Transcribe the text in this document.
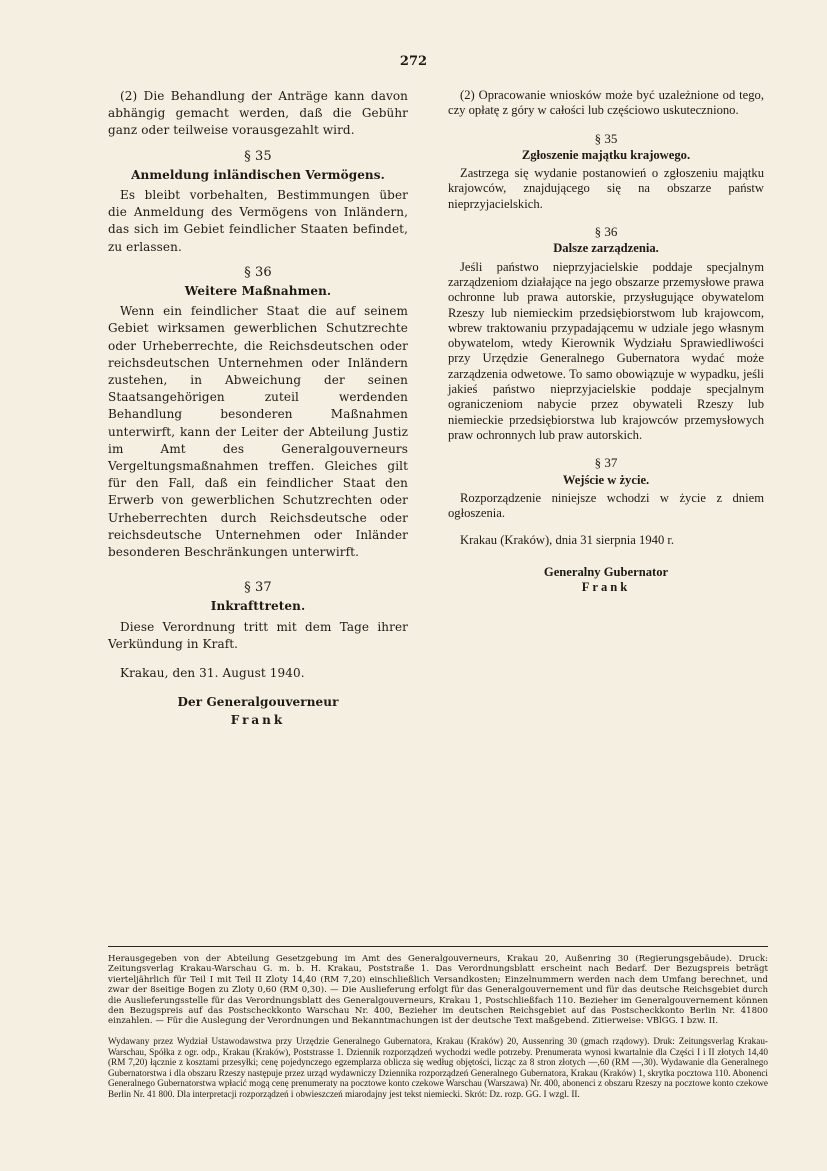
272

(2) Die Behandlung der Anträge kann davon abhängig gemacht werden, daß die Gebühr ganz oder teilweise vorausgezahlt wird.

§ 35
Anmeldung inländischen Vermögens.

Es bleibt vorbehalten, Bestimmungen über die Anmeldung des Vermögens von Inländern, das sich im Gebiet feindlicher Staaten befindet, zu erlassen.

§ 36
Weitere Maßnahmen.

Wenn ein feindlicher Staat die auf seinem Gebiet wirksamen gewerblichen Schutzrechte oder Urheberrechte, die Reichsdeutschen oder reichsdeutschen Unternehmen oder Inländern zustehen, in Abweichung der seinen Staatsangehörigen zuteil werdenden Behandlung besonderen Maßnahmen unterwirft, kann der Leiter der Abteilung Justiz im Amt des Generalgouverneurs Vergeltungsmaßnahmen treffen. Gleiches gilt für den Fall, daß ein feindlicher Staat den Erwerb von gewerblichen Schutzrechten oder Urheberrechten durch Reichsdeutsche oder reichsdeutsche Unternehmen oder Inländer besonderen Beschränkungen unterwirft.

§ 37
Inkrafttreten.

Diese Verordnung tritt mit dem Tage ihrer Verkündung in Kraft.

Krakau, den 31. August 1940.

Der Generalgouverneur
Frank

(2) Opracowanie wniosków może być uzależnione od tego, czy opłatę z góry w całości lub częściowo uskuteczniono.

§ 35
Zgłoszenie majątku krajowego.

Zastrzega się wydanie postanowień o zgłoszeniu majątku krajowców, znajdującego się na obszarze państw nieprzyjacielskich.

§ 36
Dalsze zarządzenia.

Jeśli państwo nieprzyjacielskie poddaje specjalnym zarządzeniom działające na jego obszarze przemysłowe prawa ochronne lub prawa autorskie, przysługujące obywatelom Rzeszy lub niemieckim przedsiębiorstwom lub krajowcom, wbrew traktowaniu przypadającemu w udziale jego własnym obywatelom, wtedy Kierownik Wydziału Sprawiedliwości przy Urzędzie Generalnego Gubernatora wydać może zarządzenia odwetowe. To samo obowiązuje w wypadku, jeśli jakieś państwo nieprzyjacielskie poddaje specjalnym ograniczeniom nabycie przez obywateli Rzeszy lub niemieckie przedsiębiorstwa lub krajowców przemysłowych praw ochronnych lub praw autorskich.

§ 37
Wejście w życie.

Rozporządzenie niniejsze wchodzi w życie z dniem ogłoszenia.

Krakau (Kraków), dnia 31 sierpnia 1940 r.

Generalny Gubernator
Frank
Herausgegeben von der Abteilung Gesetzgebung im Amt des Generalgouverneurs, Krakau 20, Außenring 30 (Regierungsgebäude). Druck: Zeitungsverlag Krakau-Warschau G. m. b. H. Krakau, Poststraße 1. Das Verordnungsblatt erscheint nach Bedarf. Der Bezugspreis beträgt vierteljährlich für Teil I mit Teil II Zloty 14,40 (RM 7,20) einschließlich Versandkosten; Einzelnummern werden nach dem Umfang berechnet, und zwar der 8seitige Bogen zu Zloty 0,60 (RM 0,30). — Die Auslieferung erfolgt für das Generalgouvernement und für das deutsche Reichsgebiet durch die Auslieferungsstelle für das Verordnungsblatt des Generalgouverneurs, Krakau 1, Postschließfach 110. Bezieher im Generalgouvernement können den Bezugspreis auf das Postscheckkonto Warschau Nr. 400, Bezieher im deutschen Reichsgebiet auf das Postscheckkonto Berlin Nr. 41800 einzahlen. — Für die Auslegung der Verordnungen und Bekanntmachungen ist der deutsche Text maßgebend. Zitierweise: VBlGG. I bzw. II.
Wydawany przez Wydział Ustawodawstwa przy Urzędzie Generalnego Gubernatora, Krakau (Kraków) 20, Aussenring 30 (gmach rządowy). Druk: Zeitungsverlag Krakau-Warschau, Spółka z ogr. odp., Krakau (Kraków), Poststrasse 1. Dziennik rozporządzeń wychodzi wedle potrzeby. Prenumerata wynosi kwartalnie dla Części I i II złotych 14,40 (RM 7,20) łącznie z kosztami przesyłki; cenę pojedynczego egzemplarza oblicza się według objętości, licząc za 8 stron złotych —,60 (RM —,30). Wydawanie dla Generalnego Gubernatorstwa i dla obszaru Rzeszy następuje przez urząd wydawniczy Dziennika rozporządzeń Generalnego Gubernatora, Krakau (Kraków) 1, skrytka pocztowa 110. Abonenci Generalnego Gubernatorstwa wpłacić mogą cenę prenumeraty na pocztowe konto czekowe Warschau (Warszawa) Nr. 400, abonenci z obszaru Rzeszy na pocztowe konto czekowe Berlin Nr. 41 800. Dla interpretacji rozporządzeń i obwieszczeń miarodajny jest tekst niemiecki. Skrót: Dz. rozp. GG. I wzgl. II.
